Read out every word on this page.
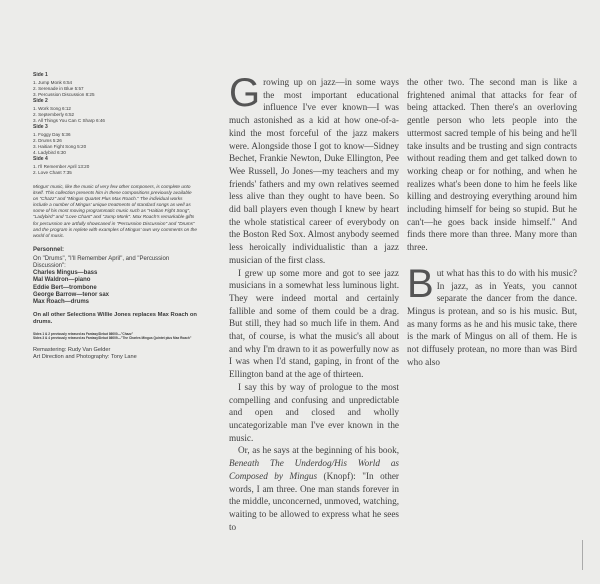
Side 1
1. Jump Monk 6:54
2. Serenade in Blue 5:57
3. Percussion Discussion 8:25
Side 2
1. Work Song 6:12
2. Septemberly 6:52
3. All Things You Can C Sharp 6:46
Side 3
1. Foggy Day 5:36
2. Drums 5:26
3. Haitian Fight Song 5:20
4. Ladybird 6:30
Side 4
1. I'll Remember April 13:20
2. Love Chant 7:35
Mingus' music, like the music of very few other composers, is complete unto itself. This collection presents him in these compositions previously available on "Chazz" and "Mingus Quartet Plus Max Roach." The individual works include a number of Mingus' unique treatments of standard songs as well as some of his most moving programmatic music such as "Haitian Fight Song", "Ladybird" and "Love Chant" and "Jump Monk". Max Roach's remarkable gifts for percussion are artfully showcased in "Percussion Discussion" and "Drums" and the program is replete with examples of Mingus' own wry comments on the world of music.
Personnel:
On "Drums", "I'll Remember April", and "Percussion Discussion":
Charles Mingus—bass
Mal Waldron—piano
Eddie Bert—trombone
George Barrow—tenor sax
Max Roach—drums
On all other Selections Willie Jones replaces Max Roach on drums.
Sides 1 & 2 previously released as Fantasy/Debut 86000—"Chazz"
Sides 3 & 4 previously released as Fantasy/Debut 86009—"The Charles Mingus Quintet plus Max Roach"
Remastering: Rudy Van Gelder
Art Direction and Photography: Tony Lane

Growing up on jazz—in some ways the most important educational influence I've ever known—I was much astonished as a kid at how one-of-a-kind the most forceful of the jazz makers were. Alongside those I got to know—Sidney Bechet, Frankie Newton, Duke Ellington, Pee Wee Russell, Jo Jones—my teachers and my friends' fathers and my own relatives seemed less alive than they ought to have been. So did ball players even though I knew by heart the whole statistical career of everybody on the Boston Red Sox. Almost anybody seemed less heroically individualistic than a jazz musician of the first class.

I grew up some more and got to see jazz musicians in a somewhat less luminous light. They were indeed mortal and certainly fallible and some of them could be a drag. But still, they had so much life in them. And that, of course, is what the music's all about and why I'm drawn to it as powerfully now as I was when I'd stand, gaping, in front of the Ellington band at the age of thirteen.

I say this by way of prologue to the most compelling and confusing and unpredictable and open and closed and wholly uncategorizable man I've ever known in the music.

Or, as he says at the beginning of his book, Beneath The Underdog/His World as Composed by Mingus (Knopf): "In other words, I am three. One man stands forever in the middle, unconcerned, unmoved, watching, waiting to be allowed to express what he sees to

the other two. The second man is like a frightened animal that attacks for fear of being attacked. Then there's an overloving gentle person who lets people into the uttermost sacred temple of his being and he'll take insults and be trusting and sign contracts without reading them and get talked down to working cheap or for nothing, and when he realizes what's been done to him he feels like killing and destroying everything around him including himself for being so stupid. But he can't—he goes back inside himself." And finds there more than three. Many more than three.

But what has this to do with his music? In jazz, as in Yeats, you cannot separate the dancer from the dance. Mingus is protean, and so is his music. But, as many forms as he and his music take, there is the mark of Mingus on all of them. He is not diffusely protean, no more than was Bird who also
